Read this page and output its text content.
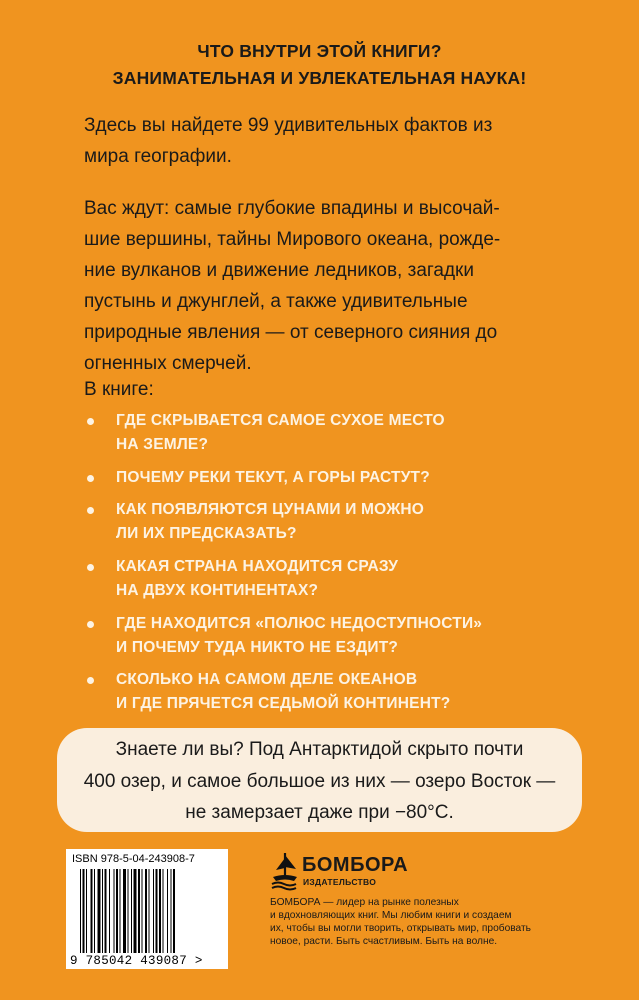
ЧТО ВНУТРИ ЭТОЙ КНИГИ?
ЗАНИМАТЕЛЬНАЯ И УВЛЕКАТЕЛЬНАЯ НАУКА!
Здесь вы найдете 99 удивительных фактов из
мира географии.
Вас ждут: самые глубокие впадины и высочай-
шие вершины, тайны Мирового океана, рожде-
ние вулканов и движение ледников, загадки
пустынь и джунглей, а также удивительные
природные явления — от северного сияния до
огненных смерчей.
В книге:
ГДЕ СКРЫВАЕТСЯ САМОЕ СУХОЕ МЕСТО
НА ЗЕМЛЕ?
ПОЧЕМУ РЕКИ ТЕКУТ, А ГОРЫ РАСТУТ?
КАК ПОЯВЛЯЮТСЯ ЦУНАМИ И МОЖНО
ЛИ ИХ ПРЕДСКАЗАТЬ?
КАКАЯ СТРАНА НАХОДИТСЯ СРАЗУ
НА ДВУХ КОНТИНЕНТАХ?
ГДЕ НАХОДИТСЯ «ПОЛЮС НЕДОСТУПНОСТИ»
И ПОЧЕМУ ТУДА НИКТО НЕ ЕЗДИТ?
СКОЛЬКО НА САМОМ ДЕЛЕ ОКЕАНОВ
И ГДЕ ПРЯЧЕТСЯ СЕДЬМОЙ КОНТИНЕНТ?
Знаете ли вы? Под Антарктидой скрыто почти
400 озер, и самое большое из них — озеро Восток —
не замерзает даже при −80°С.
ISBN 978-5-04-243908-7
9 785042 439087 >
БОМБОРА
ИЗДАТЕЛЬСТВО
БОМБОРА — лидер на рынке полезных
и вдохновляющих книг. Мы любим книги и создаем
их, чтобы вы могли творить, открывать мир, пробовать
новое, расти. Быть счастливым. Быть на волне.
